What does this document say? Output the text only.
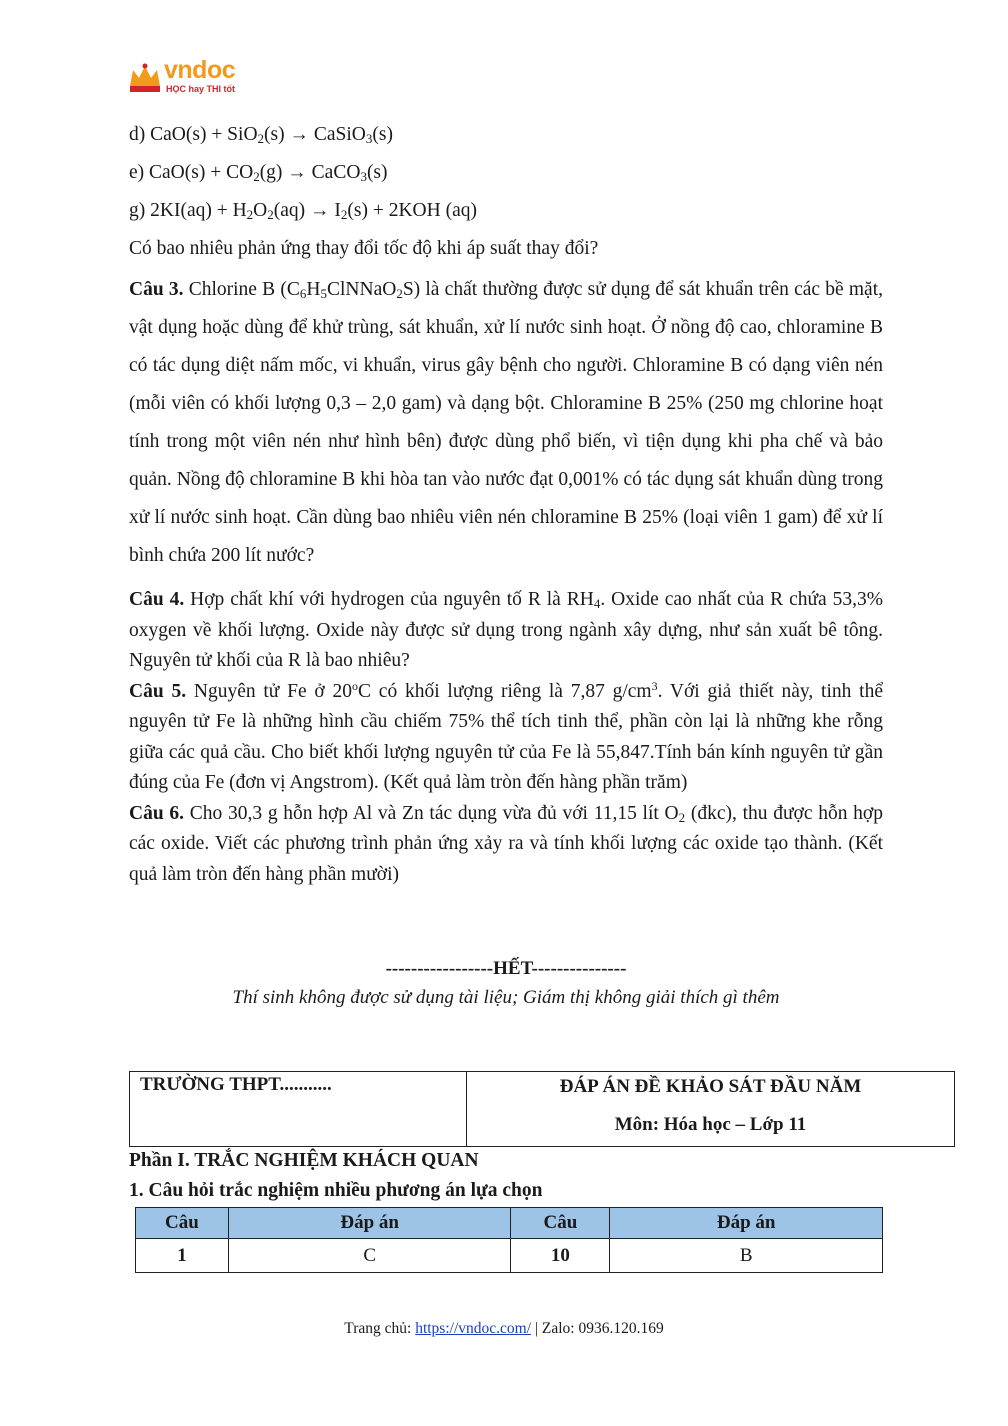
vndoc
HỌC hay THI tốt
d) CaO(s) + SiO$_2$(s) → CaSiO$_3$(s)
e) $CaO(s) + CO_2(g)$ → CaCO$_3$(s)
g) $2KI(aq) + H_2O_2(aq) \to I_2(s) + 2KOH$ (aq)
Có bao nhiêu phản ứng thay đổi tốc độ khi áp suất thay đổi?

Câu 3. Chlorine B $(C_6H_5ClNNaO_2S)$ là chất thường được sử dụng để sát khuẩn trên các bề mặt, vật dụng hoặc dùng để khử trùng, sát khuẩn, xử lí nước sinh hoạt. Ở nồng độ cao, chloramine B có tác dụng diệt nấm mốc, vi khuẩn, virus gây bệnh cho người. Chloramine B có dạng viên nén (mỗi viên có khối lượng 0,3 – 2,0 gam) và dạng bột. Chloramine B 25% (250 mg chlorine hoạt tính trong một viên nén như hình bên) được dùng phổ biến, vì tiện dụng khi pha chế và bảo quản. Nồng độ chloramine B khi hòa tan vào nước đạt 0,001% có tác dụng sát khuẩn dùng trong xử lí nước sinh hoạt. Cần dùng bao nhiêu viên nén chloramine B 25% (loại viên 1 gam) để xử lí bình chứa 200 lít nước?

Câu 4. Hợp chất khí với hydrogen của nguyên tố R là $RH_4$. Oxide cao nhất của R chứa 53,3% oxygen về khối lượng. Oxide này được sử dụng trong ngành xây dựng, như sản xuất bê tông. Nguyên tử khối của R là bao nhiêu?

Câu 5. Nguyên tử Fe ở 20$^o$C có khối lượng riêng là 7,87 $g/cm^3$. Với giả thiết này, tinh thể nguyên tử Fe là những hình cầu chiếm 75% thể tích tinh thể, phần còn lại là những khe rỗng giữa các quả cầu. Cho biết khối lượng nguyên tử của Fe là 55,847.Tính bán kính nguyên tử gần đúng của Fe (đơn vị Angstrom). (Kết quả làm tròn đến hàng phần trăm)

Câu 6. Cho 30,3 g hỗn hợp Al và Zn tác dụng vừa đủ với 11,15 lít $O_2$ (đkc), thu được hỗn hợp các oxide. Viết các phương trình phản ứng xảy ra và tính khối lượng các oxide tạo thành. (Kết quả làm tròn đến hàng phần mười)

-----------------HẾT---------------
Thí sinh không được sử dụng tài liệu; Giám thị không giải thích gì thêm
TRƯỜNG THPT...........	ĐÁP ÁN ĐỀ KHẢO SÁT ĐẦU NĂM
Môn: Hóa học – Lớp 11
Phần I. TRẮC NGHIỆM KHÁCH QUAN
1. Câu hỏi trắc nghiệm nhiều phương án lựa chọn
Câu	Đáp án	Câu	Đáp án
1	C	10	B
Trang chủ: https://vndoc.com/ | Zalo: 0936.120.169
